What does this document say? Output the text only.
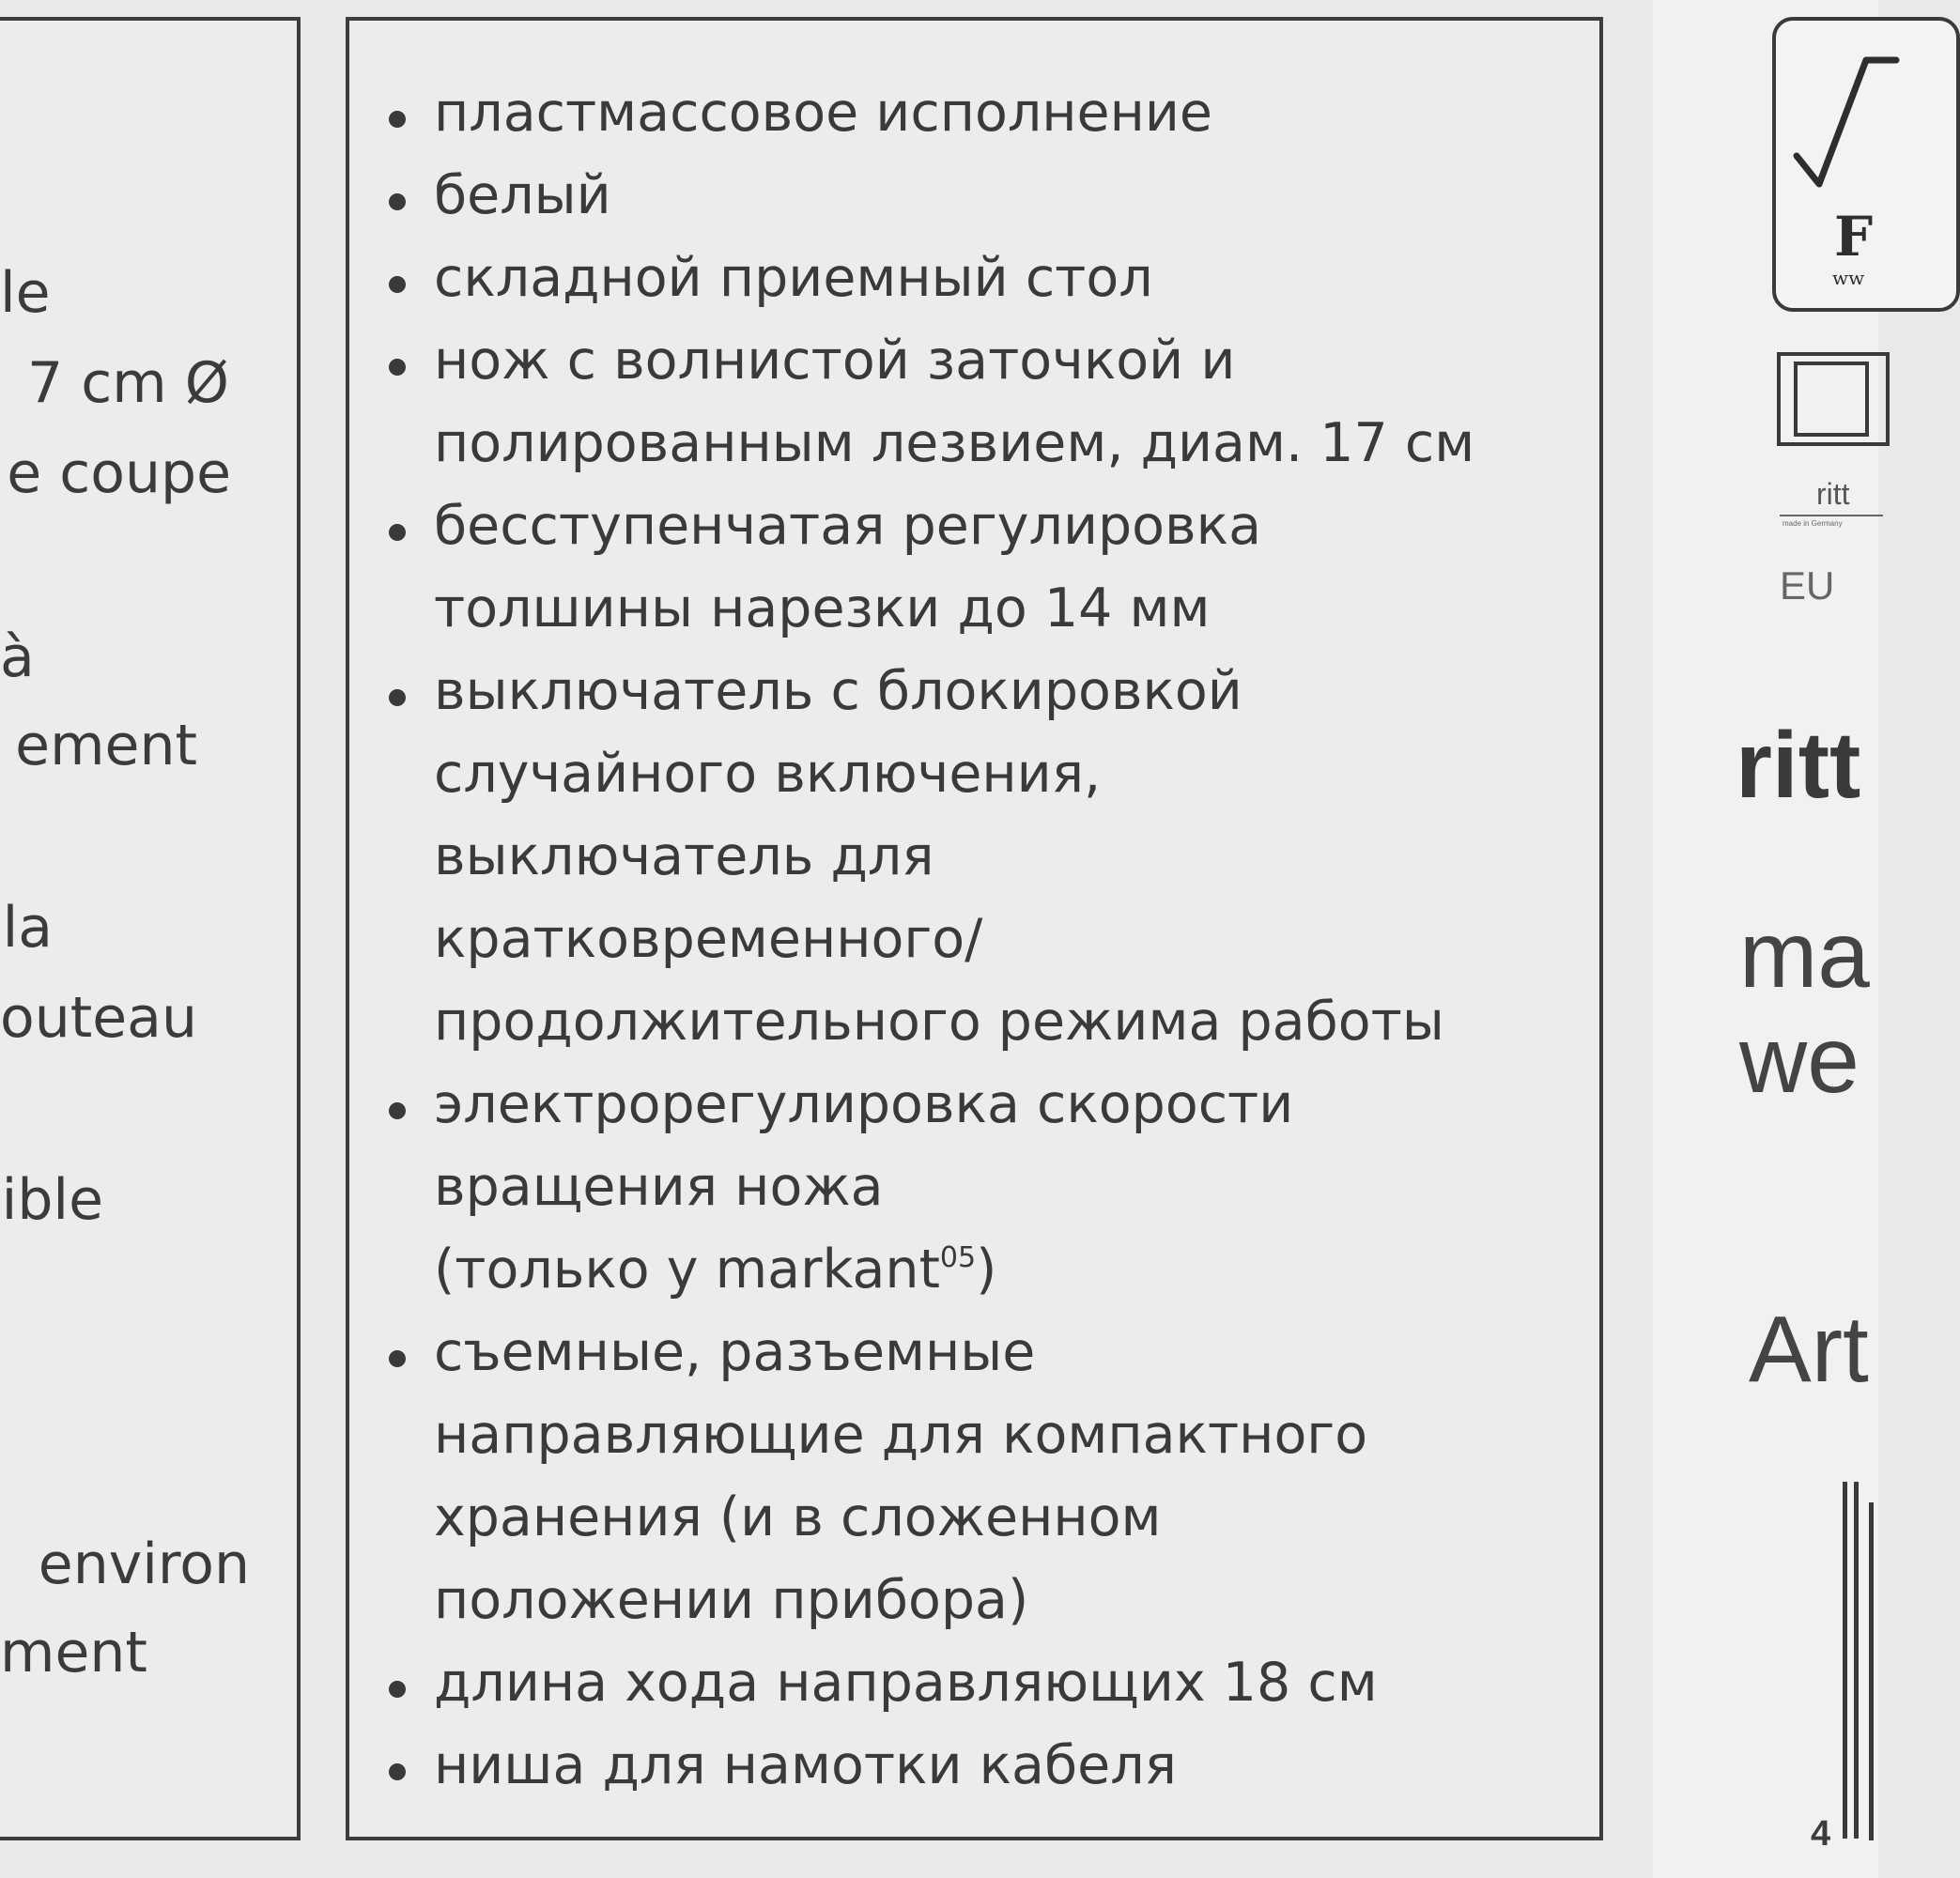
le
7 cm Ø
e coupe
à
ement
la
outeau
ible
environ
ment
пластмассовое исполнение
белый
складной приемный стол
нож с волнистой заточкой и
полированным лезвием, диам. 17 см
бесступенчатая регулировка
толшины нарезки до 14 мм
выключатель с блокировкой
случайного включения,
выключатель для
кратковременного/
продолжительного режима работы
электрорегулировка скорости
вращения ножа
(только у markant$^{05}$)
съемные, разъемные
направляющие для компактного
хранения (и в сложенном
положении прибора)
длина хода направляющих 18 см
ниша для намотки кабеля
F
ww
ritt
made in Germany
EU
ritt
ma
we
Art
4
